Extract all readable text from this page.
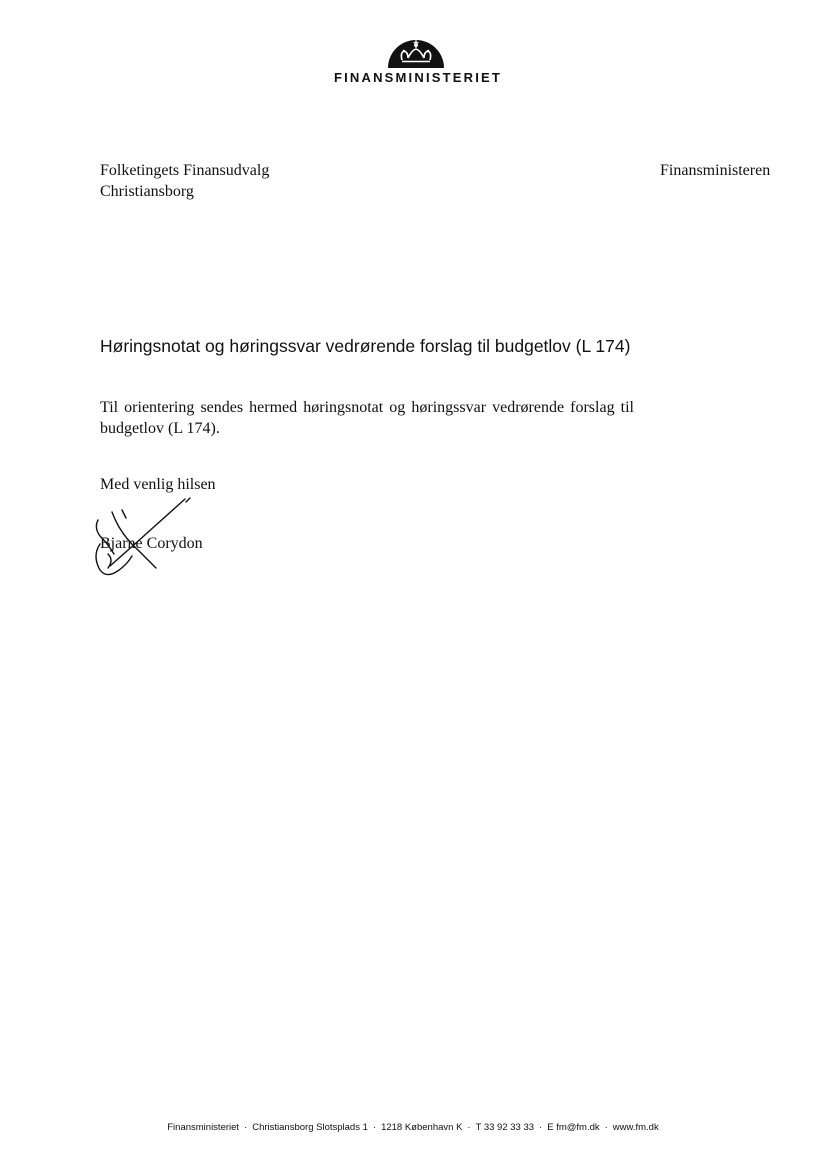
FINANSMINISTERIET
Folketingets Finansudvalg
Christiansborg
Finansministeren
Høringsnotat og høringssvar vedrørende forslag til budgetlov (L 174)
Til orientering sendes hermed høringsnotat og høringssvar vedrørende forslag til budgetlov (L 174).
Med venlig hilsen
Bjarne Corydon
Finansministeriet · Christiansborg Slotsplads 1 · 1218 København K · T 33 92 33 33 · E fm@fm.dk · www.fm.dk
